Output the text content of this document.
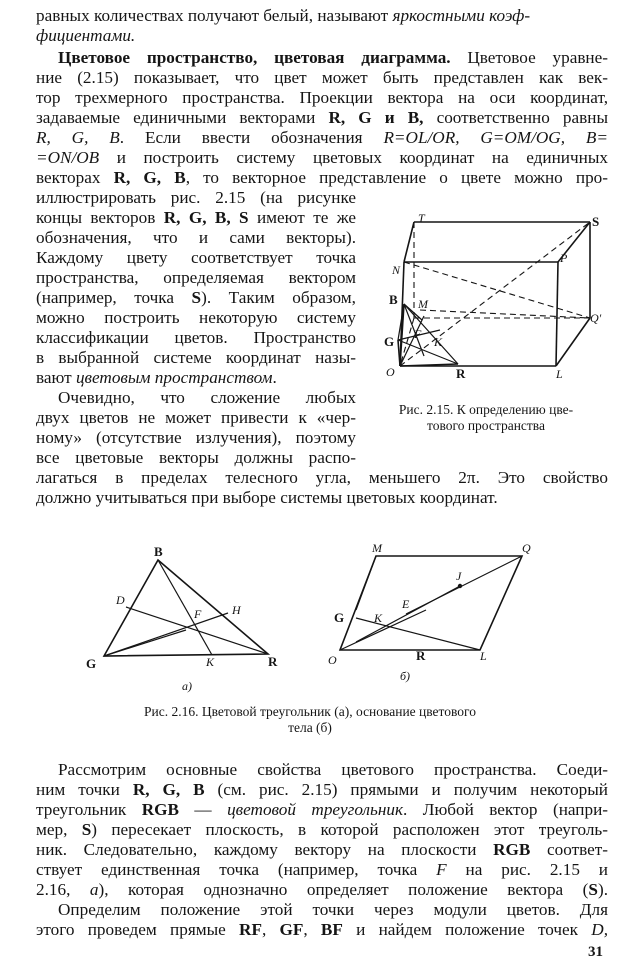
равных количествах получают белый, называют яркостными коэф-
фициентами.
Цветовое пространство, цветовая диаграмма. Цветовое уравне-
ние (2.15) показывает, что цвет может быть представлен как век-
тор трехмерного пространства. Проекции вектора на оси координат,
задаваемые единичными векторами R, G и B, соответственно равны
R, G, B. Если ввести обозначения R=OL/OR, G=OM/OG, B=
=ON/OB и построить систему цветовых координат на единичных
векторах R, G, B, то векторное представление о цвете можно про-
иллюстрировать рис. 2.15 (на рисунке
концы векторов R, G, B, S имеют те же
обозначения, что и сами векторы).
Каждому цвету соответствует точка
пространства, определяемая вектором
(например, точка S). Таким образом,
можно построить некоторую систему
классификации цветов. Пространство
в выбранной системе координат назы-
вают цветовым пространством.
Очевидно, что сложение любых
двух цветов не может привести к «чер-
ному» (отсутствие излучения), поэтому
все цветовые векторы должны распо-
лагаться в пределах телесного угла, меньшего 2π. Это свойство
должно учитываться при выборе системы цветовых координат.
T	S
N
P
B M
Q'
G F
K
O	R	L
Рис. 2.15. К определению цве-
тового пространства
B
D
F	H
G	K	R
а)
M	Q
J
E
G K
O	R	L
б)
Рис. 2.16. Цветовой треугольник (а), основание цветового
тела (б)
Рассмотрим основные свойства цветового пространства. Соеди-
ним точки R, G, B (см. рис. 2.15) прямыми и получим некоторый
треугольник RGB — цветовой треугольник. Любой вектор (напри-
мер, S) пересекает плоскость, в которой расположен этот треуголь-
ник. Следовательно, каждому вектору на плоскости RGB соответ-
ствует единственная точка (например, точка F на рис. 2.15 и
2.16, а), которая однозначно определяет положение вектора (S).
Определим положение этой точки через модули цветов. Для
этого проведем прямые RF, GF, BF и найдем положение точек D,
31
